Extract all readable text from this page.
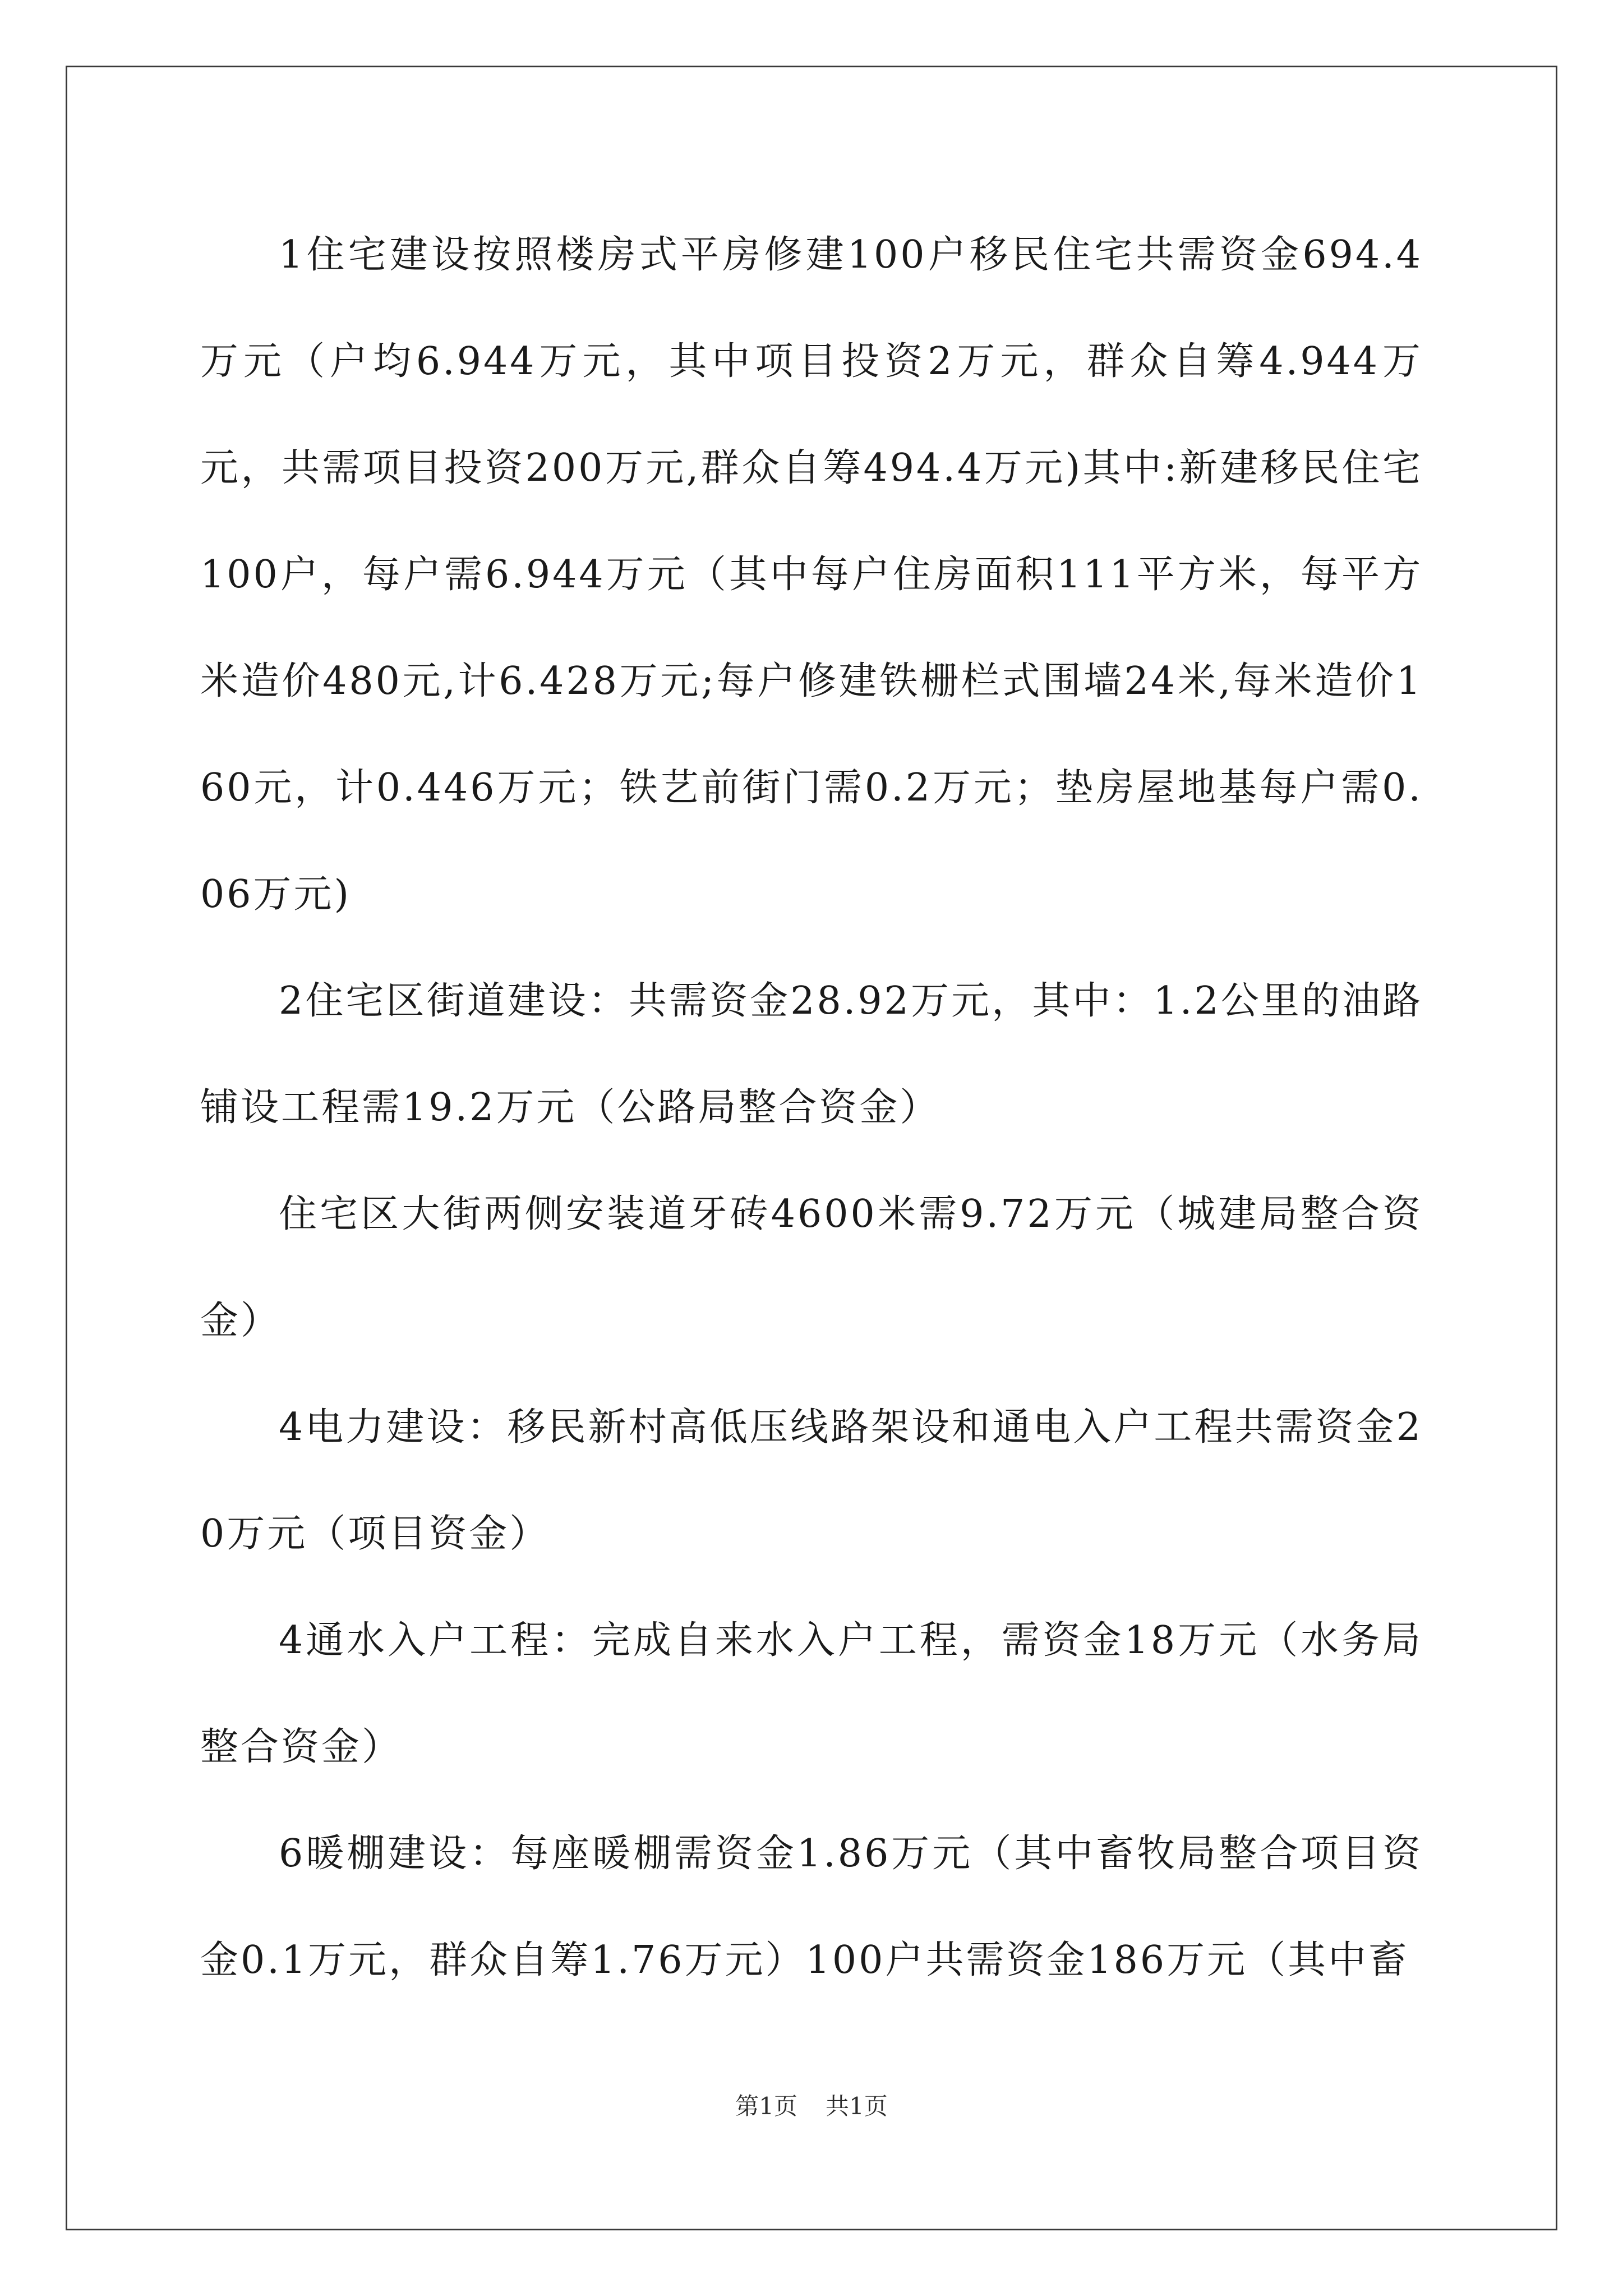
1住宅建设按照楼房式平房修建100户移民住宅共需资金694.4万元（户均6.944万元，其中项目投资2万元，群众自筹4.944万元，共需项目投资200万元,群众自筹494.4万元)其中:新建移民住宅100户，每户需6.944万元（其中每户住房面积111平方米，每平方米造价480元,计6.428万元;每户修建铁栅栏式围墙24米,每米造价160元，计0.446万元；铁艺前街门需0.2万元；垫房屋地基每户需0.06万元)

2住宅区街道建设：共需资金28.92万元，其中：1.2公里的油路铺设工程需19.2万元（公路局整合资金）

住宅区大街两侧安装道牙砖4600米需9.72万元（城建局整合资金）

4电力建设：移民新村高低压线路架设和通电入户工程共需资金20万元（项目资金）

4通水入户工程：完成自来水入户工程，需资金18万元（水务局整合资金）

6暖棚建设：每座暖棚需资金1.86万元（其中畜牧局整合项目资金0.1万元，群众自筹1.76万元）100户共需资金186万元（其中畜

第1页 共1页
